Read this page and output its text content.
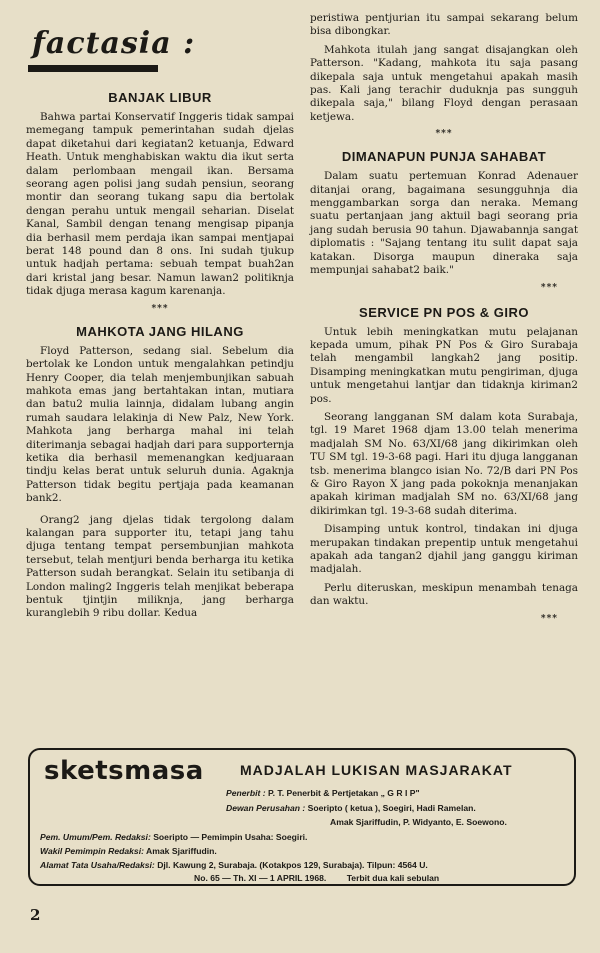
factasia :
BANJAK LIBUR

Bahwa partai Konservatif Inggeris tidak sampai memegang tampuk pemerintahan sudah djelas dapat diketahui dari kegiatan2 ketuanja, Edward Heath. Untuk menghabiskan waktu dia ikut serta dalam perlombaan mengail ikan. Bersama seorang agen polisi jang sudah pensiun, seorang montir dan seorang tukang sapu dia bertolak dengan perahu untuk mengail seharian. Diselat Kanal, Sambil dengan tenang mengisap pipanja dia berhasil mem perdaja ikan sampai mentjapai berat 148 pound dan 8 ons. Ini sudah tjukup untuk hadjah pertama: sebuah tempat buah2an dari kristal jang besar. Namun lawan2 politiknja tidak djuga merasa kagum karenanja.

***
MAHKOTA JANG HILANG

Floyd Patterson, sedang sial. Sebelum dia bertolak ke London untuk mengalahkan petindju Henry Cooper, dia telah menjembunjikan sabuah mahkota emas jang bertahtakan intan, mutiara dan batu2 mulia lainnja, didalam lubang angin rumah saudara lelakinja di New Palz, New York. Mahkota jang berharga mahal ini telah diterimanja sebagai hadjah dari para supporternja ketika dia berhasil memenangkan kedjuaraan tindju kelas berat untuk seluruh dunia. Agaknja Patterson tidak begitu pertjaja pada keamanan bank2.

Orang2 jang djelas tidak tergolong dalam kalangan para supporter itu, tetapi jang tahu djuga tentang tempat persembunjian mahkota tersebut, telah mentjuri benda berharga itu ketika Patterson sudah berangkat. Selain itu setibanja di London maling2 Inggeris telah menjikat beberapa bentuk tjintjin miliknja, jang berharga kuranglebih 9 ribu dollar. Kedua

peristiwa pentjurian itu sampai sekarang belum bisa dibongkar.

Mahkota itulah jang sangat disajangkan oleh Patterson. "Kadang, mahkota itu saja pasang dikepala saja untuk mengetahui apakah masih pas. Kali jang terachir duduknja pas sungguh dikepala saja," bilang Floyd dengan perasaan ketjewa.

***
DIMANAPUN PUNJA SAHABAT

Dalam suatu pertemuan Konrad Adenauer ditanjai orang, bagaimana sesungguhnja dia menggambarkan sorga dan neraka. Memang suatu pertanjaan jang aktuil bagi seorang pria jang sudah berusia 90 tahun. Djawabannja sangat diplomatis : "Sajang tentang itu sulit dapat saja katakan. Disorga maupun dineraka saja mempunjai sahabat2 baik."

***
SERVICE PN POS & GIRO

Untuk lebih meningkatkan mutu pelajanan kepada umum, pihak PN Pos & Giro Surabaja telah mengambil langkah2 jang positip. Disamping meningkatkan mutu pengiriman, djuga untuk mengetahui lantjar dan tidaknja kiriman2 pos.

Seorang langganan SM dalam kota Surabaja, tgl. 19 Maret 1968 djam 13.00 telah menerima madjalah SM No. 63/XI/68 jang dikirimkan oleh TU SM tgl. 19-3-68 pagi. Hari itu djuga langganan tsb. menerima blangco isian No. 72/B dari PN Pos & Giro Rayon X jang pada pokoknja menanjakan apakah kiriman madjalah SM no. 63/XI/68 jang dikirimkan tgl. 19-3-68 sudah diterima.

Disamping untuk kontrol, tindakan ini djuga merupakan tindakan prepentip untuk mengetahui apakah ada tangan2 djahil jang ganggu kiriman madjalah.

Perlu diteruskan, meskipun menambah tenaga dan waktu.

***
sketsmasa	MADJALAH LUKISAN MASJARAKAT
Penerbit : P. T. Penerbit & Pertjetakan „ G R I P"
Dewan Perusahan : Soeripto ( ketua ), Soegiri, Hadi Ramelan.
Amak Sjariffudin, P. Widyanto, E. Soewono.
Pem. Umum/Pem. Redaksi: Soeripto — Pemimpin Usaha: Soegiri.
Wakil Pemimpin Redaksi: Amak Sjariffudin.
Alamat Tata Usaha/Redaksi: Djl. Kawung 2, Surabaja. (Kotakpos 129, Surabaja). Tilpun: 4564 U.
No. 65 — Th. XI — 1 APRIL 1968. Terbit dua kali sebulan
2
